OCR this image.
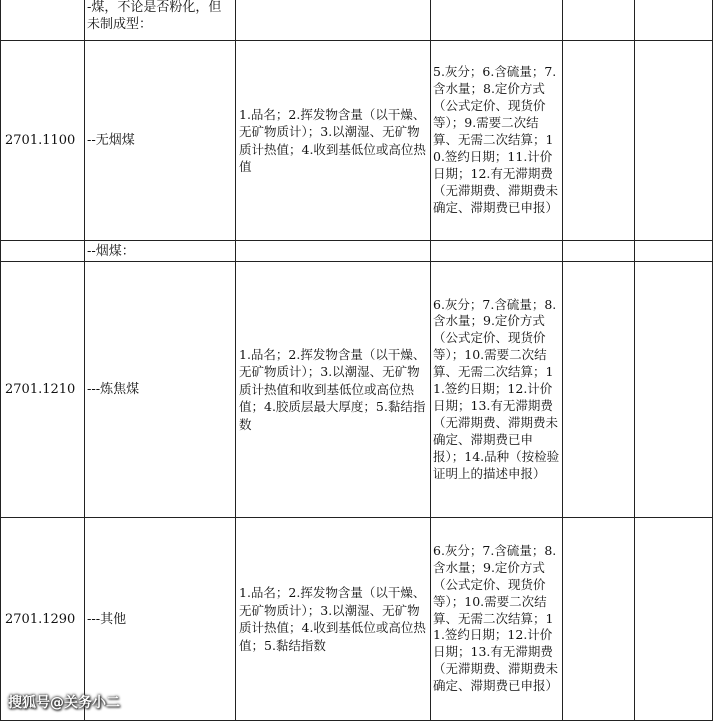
	-煤，不论是否粉化，但未制成型：				
2701.1100	--无烟煤	1.品名；2.挥发物含量（以干燥、无矿物质计）；3.以潮湿、无矿物质计热值；4.收到基低位或高位热值	5.灰分；6.含硫量；7.含水量；8.定价方式（公式定价、现货价等）；9.需要二次结算、无需二次结算；10.签约日期；11.计价日期；12.有无滞期费（无滞期费、滞期费未确定、滞期费已申报）		
	--烟煤：				
2701.1210	---炼焦煤	1.品名；2.挥发物含量（以干燥、无矿物质计）；3.以潮湿、无矿物质计热值和收到基低位或高位热值；4.胶质层最大厚度；5.黏结指数	6.灰分；7.含硫量；8.含水量；9.定价方式（公式定价、现货价等）；10.需要二次结算、无需二次结算；11.签约日期；12.计价日期；13.有无滞期费（无滞期费、滞期费未确定、滞期费已申报）；14.品种（按检验证明上的描述申报）		
2701.1290	---其他	1.品名；2.挥发物含量（以干燥、无矿物质计）；3.以潮湿、无矿物质计热值；4.收到基低位或高位热值；5.黏结指数	6.灰分；7.含硫量；8.含水量；9.定价方式（公式定价、现货价等）；10.需要二次结算、无需二次结算；11.签约日期；12.计价日期；13.有无滞期费（无滞期费、滞期费未确定、滞期费已申报）		
搜狐号@关务小二
